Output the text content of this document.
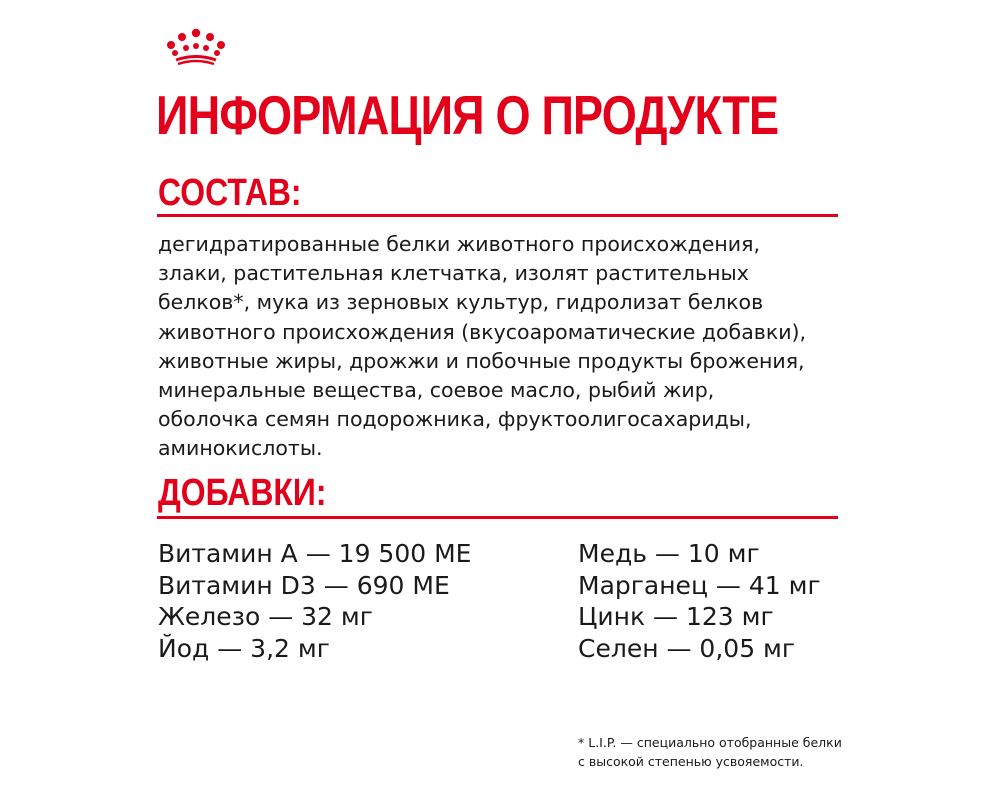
ИНФОРМАЦИЯ О ПРОДУКТЕ
СОСТАВ:
дегидратированные белки животного происхождения,
злаки, растительная клетчатка, изолят растительных
белков*, мука из зерновых культур, гидролизат белков
животного происхождения (вкусоароматические добавки),
животные жиры, дрожжи и побочные продукты брожения,
минеральные вещества, соевое масло, рыбий жир,
оболочка семян подорожника, фруктоолигосахариды,
аминокислоты.
ДОБАВКИ:
Витамин А — 19 500 МЕ
Витамин D3 — 690 МЕ
Железо — 32 мг
Йод — 3,2 мг
Медь — 10 мг
Марганец — 41 мг
Цинк — 123 мг
Селен — 0,05 мг
* L.I.P. — специально отобранные белки
с высокой степенью усвояемости.
